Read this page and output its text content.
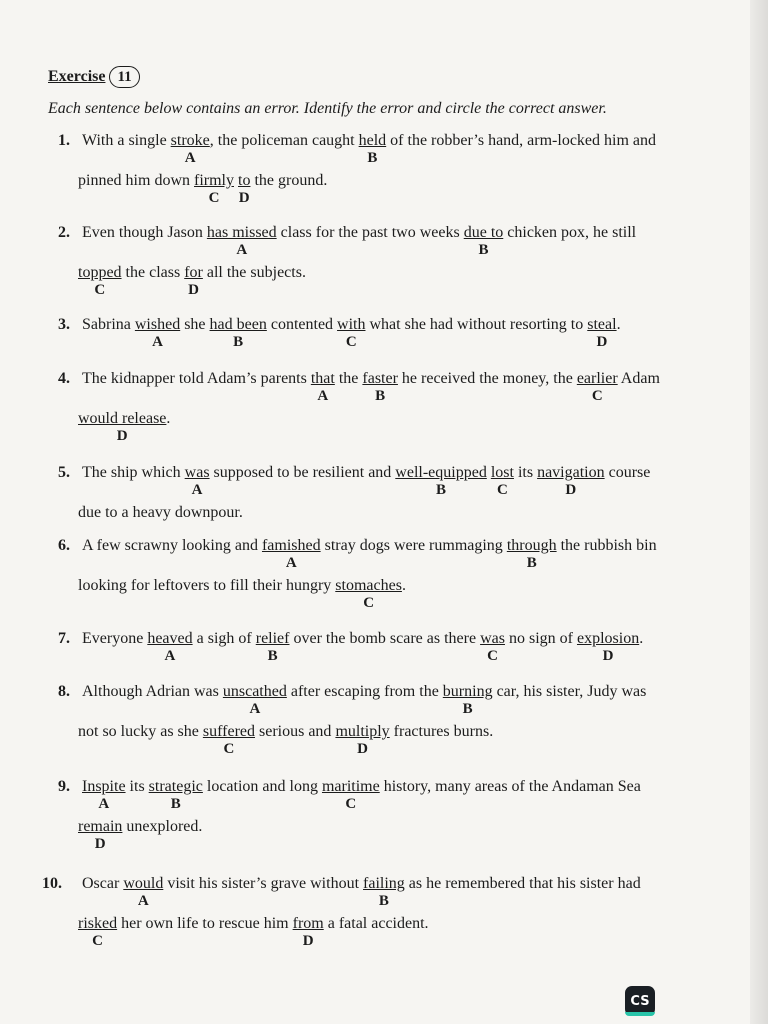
Exercise 11
Each sentence below contains an error. Identify the error and circle the correct answer.
1. With a single stroke
A
, the policeman caught held
B
of the robber’s hand, arm-locked him and
pinned him down firmly
C
to
D
the ground.
2. Even though Jason has missed
A
class for the past two weeks due to
B
chicken pox, he still
topped
C
the class for
D
all the subjects.
3. Sabrina wished
A
she had been
B
contented with
C
what she had without resorting to steal
D
.
4. The kidnapper told Adam’s parents that
A
the faster
B
he received the money, the earlier
C
Adam
would release
D
.
5. The ship which was
A
supposed to be resilient and well-equipped
B
lost
C
its navigation
D
course
due to a heavy downpour.
6. A few scrawny looking and famished
A
stray dogs were rummaging through
B
the rubbish bin
looking for leftovers to fill their hungry stomaches
C
.
7. Everyone heaved
A
a sigh of relief
B
over the bomb scare as there was
C
no sign of explosion
D
.
8. Although Adrian was unscathed
A
after escaping from the burning
B
car, his sister, Judy was
not so lucky as she suffered
C
serious and multiply
D
fractures burns.
9. Inspite
A
its strategic
B
location and long maritime
C
history, many areas of the Andaman Sea
remain
D
unexplored.
10. Oscar would
A
visit his sister’s grave without failing
B
as he remembered that his sister had
risked
C
her own life to rescue him from
D
a fatal accident.
CS
